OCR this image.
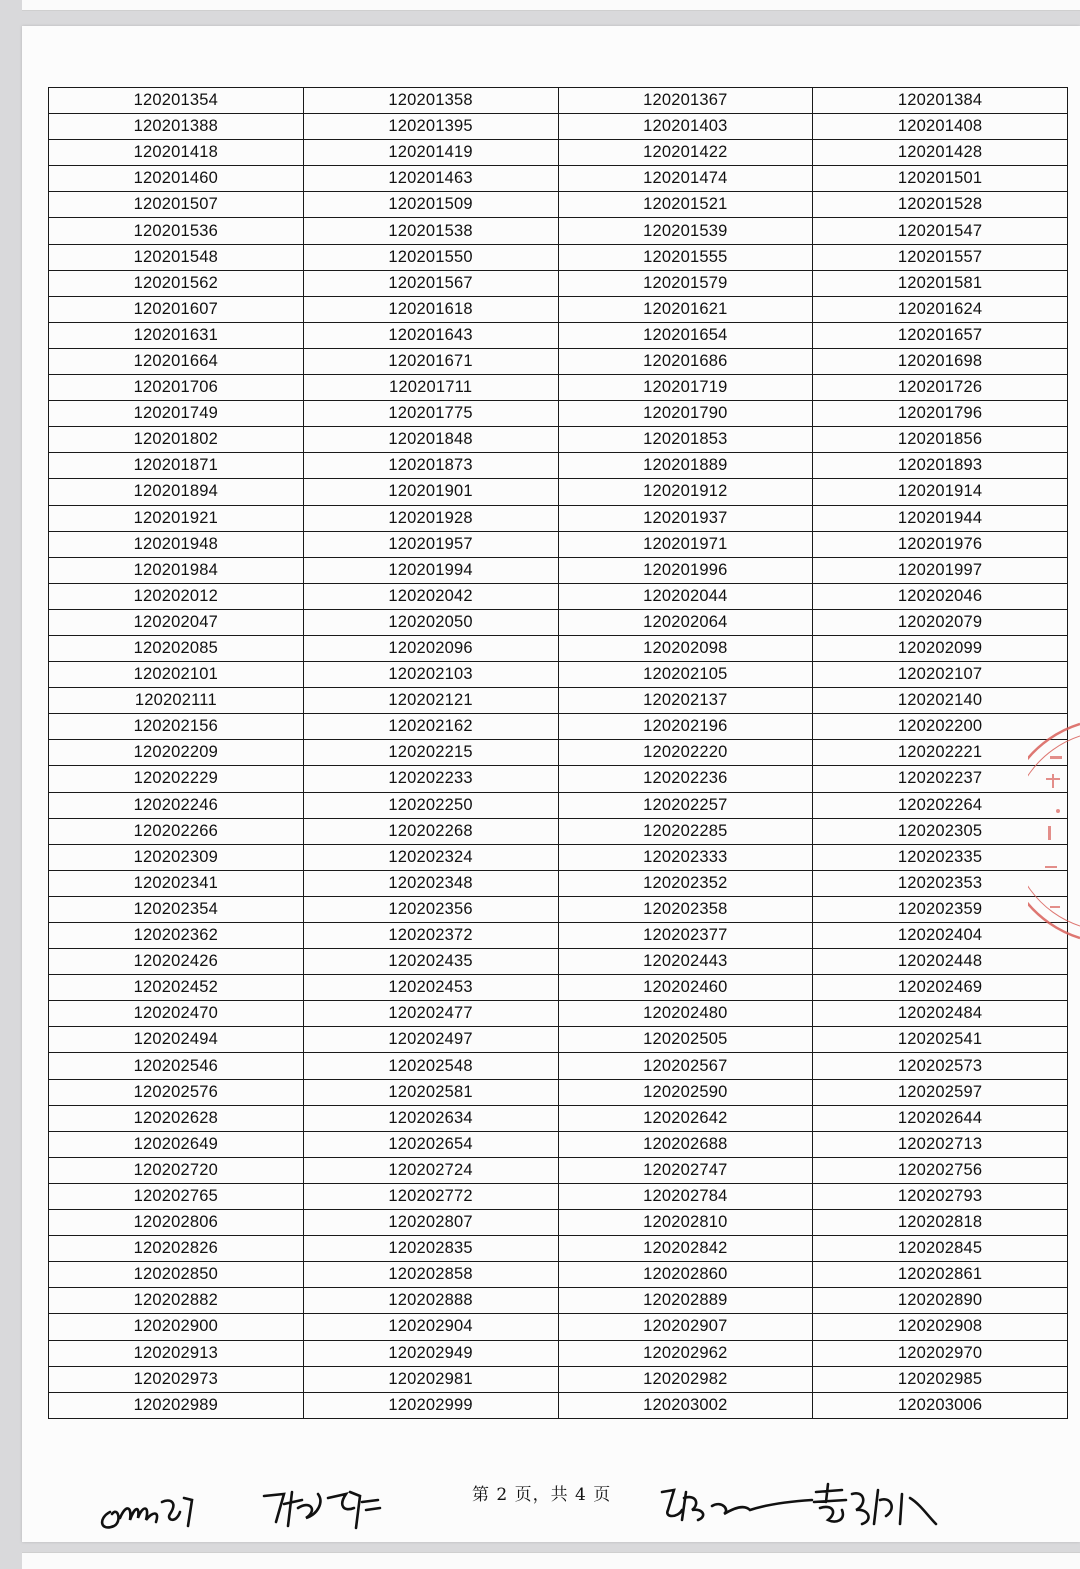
120201354	120201358	120201367	120201384
120201388	120201395	120201403	120201408
120201418	120201419	120201422	120201428
120201460	120201463	120201474	120201501
120201507	120201509	120201521	120201528
120201536	120201538	120201539	120201547
120201548	120201550	120201555	120201557
120201562	120201567	120201579	120201581
120201607	120201618	120201621	120201624
120201631	120201643	120201654	120201657
120201664	120201671	120201686	120201698
120201706	120201711	120201719	120201726
120201749	120201775	120201790	120201796
120201802	120201848	120201853	120201856
120201871	120201873	120201889	120201893
120201894	120201901	120201912	120201914
120201921	120201928	120201937	120201944
120201948	120201957	120201971	120201976
120201984	120201994	120201996	120201997
120202012	120202042	120202044	120202046
120202047	120202050	120202064	120202079
120202085	120202096	120202098	120202099
120202101	120202103	120202105	120202107
120202111	120202121	120202137	120202140
120202156	120202162	120202196	120202200
120202209	120202215	120202220	120202221
120202229	120202233	120202236	120202237
120202246	120202250	120202257	120202264
120202266	120202268	120202285	120202305
120202309	120202324	120202333	120202335
120202341	120202348	120202352	120202353
120202354	120202356	120202358	120202359
120202362	120202372	120202377	120202404
120202426	120202435	120202443	120202448
120202452	120202453	120202460	120202469
120202470	120202477	120202480	120202484
120202494	120202497	120202505	120202541
120202546	120202548	120202567	120202573
120202576	120202581	120202590	120202597
120202628	120202634	120202642	120202644
120202649	120202654	120202688	120202713
120202720	120202724	120202747	120202756
120202765	120202772	120202784	120202793
120202806	120202807	120202810	120202818
120202826	120202835	120202842	120202845
120202850	120202858	120202860	120202861
120202882	120202888	120202889	120202890
120202900	120202904	120202907	120202908
120202913	120202949	120202962	120202970
120202973	120202981	120202982	120202985
120202989	120202999	120203002	120203006
第 2 页，共 4 页
